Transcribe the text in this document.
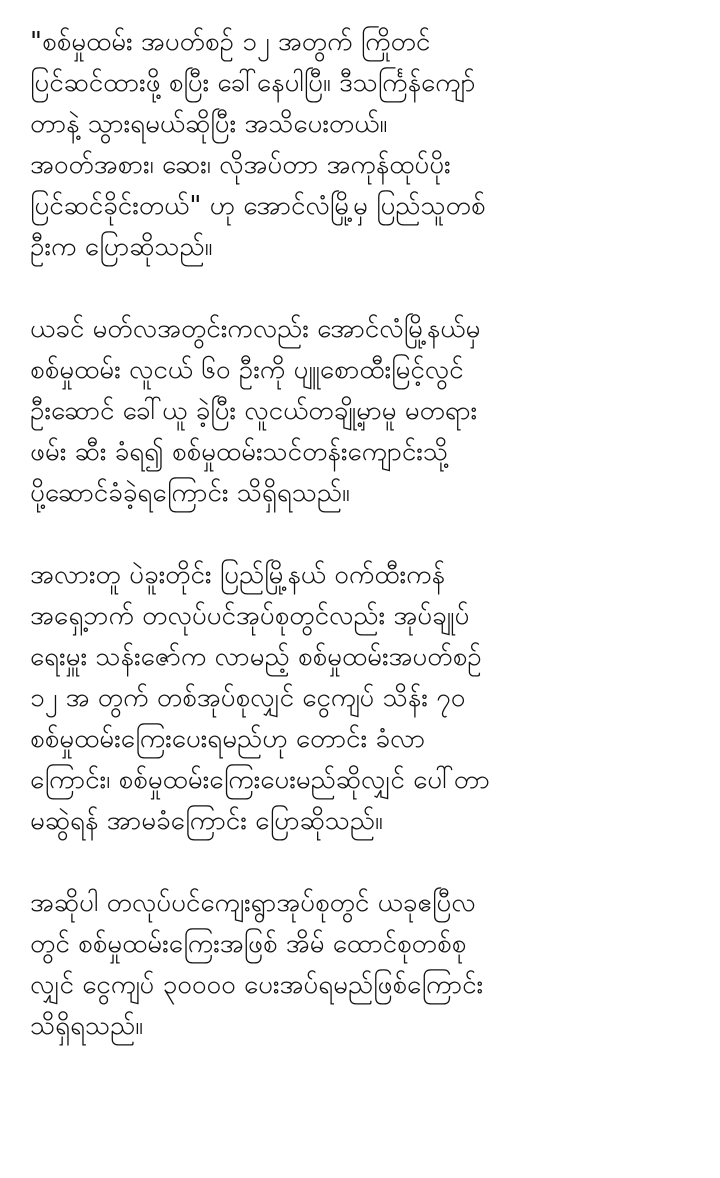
"စစ်မှုထမ်း အပတ်စဉ် ၁၂ အတွက် ကြိုတင်
ပြင်ဆင်ထားဖို့ စပြီး ခေါ်နေပါပြီ။ ဒီသင်္ကြန်ကျော်
တာနဲ့ သွားရမယ်ဆိုပြီး အသိပေးတယ်။
အဝတ်အစား၊ ဆေး၊ လိုအပ်တာ အကုန်ထုပ်ပိုး
ပြင်ဆင်ခိုင်းတယ်" ဟု အောင်လံမြို့မှ ပြည်သူတစ်
ဦးက ပြောဆိုသည်။
ယခင် မတ်လအတွင်းကလည်း အောင်လံမြို့နယ်မှ
စစ်မှုထမ်း လူငယ် ၆၀ ဦးကို ပျူစောထီးမြင့်လွင်
ဦးဆောင် ခေါ်ယူ ခဲ့ပြီး လူငယ်တချို့မှာမူ မတရား
ဖမ်း ဆီး ခံရ၍ စစ်မှုထမ်းသင်တန်းကျောင်းသို့
ပို့ဆောင်ခံခဲ့ရကြောင်း သိရှိရသည်။
အလားတူ ပဲခူးတိုင်း ပြည်မြို့နယ် ဝက်ထီးကန်
အရှေ့ဘက် တလုပ်ပင်အုပ်စုတွင်လည်း အုပ်ချုပ်
ရေးမှူး သန်းဇော်က လာမည့် စစ်မှုထမ်းအပတ်စဉ်
၁၂ အ တွက် တစ်အုပ်စုလျှင် ငွေကျပ် သိန်း ၇၀
စစ်မှုထမ်းကြေးပေးရမည်ဟု တောင်း ခံလာ
ကြောင်း၊ စစ်မှုထမ်းကြေးပေးမည်ဆိုလျှင် ပေါ်တာ
မဆွဲရန် အာမခံကြောင်း ပြောဆိုသည်။
အဆိုပါ တလုပ်ပင်ကျေးရွာအုပ်စုတွင် ယခုဧပြီလ
တွင် စစ်မှုထမ်းကြေးအဖြစ် အိမ် ထောင်စုတစ်စု
လျှင် ငွေကျပ် ၃၀၀၀၀ ပေးအပ်ရမည်ဖြစ်ကြောင်း
သိရှိရသည်။
